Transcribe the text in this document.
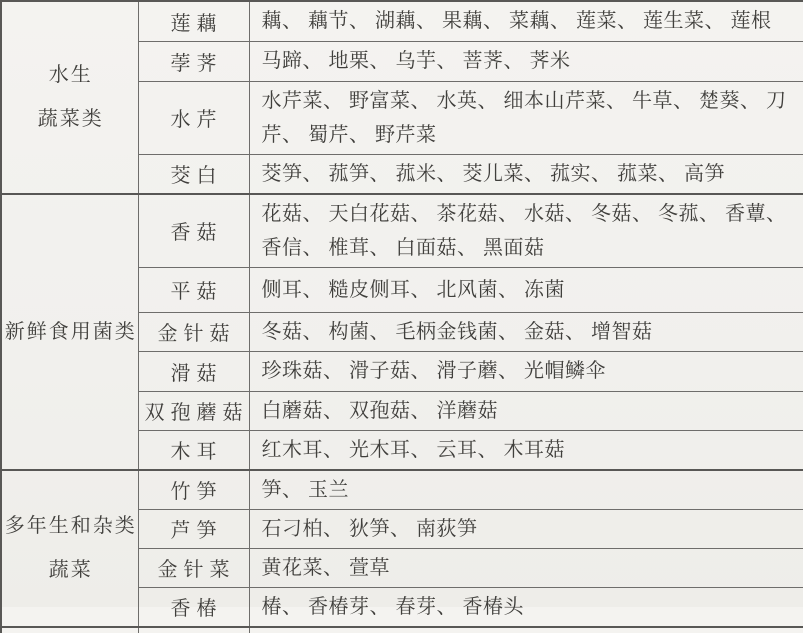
水生
蔬菜类	莲藕	藕、 藕节、 湖藕、 果藕、 菜藕、 莲菜、 莲生菜、 莲根
	荸荠	马蹄、 地栗、 乌芋、 菩荠、 荠米
	水芹	水芹菜、 野富菜、 水英、 细本山芹菜、 牛草、 楚葵、 刀芹、 蜀芹、 野芹菜
	茭白	茭笋、 菰笋、 菰米、 茭儿菜、 菰实、 菰菜、 高笋

新鲜食用菌类	香菇	花菇、 天白花菇、 茶花菇、 水菇、 冬菇、 冬菰、 香蕈、 香信、 椎茸、 白面菇、 黑面菇
	平菇	侧耳、 糙皮侧耳、 北风菌、 冻菌
	金针菇	冬菇、 构菌、 毛柄金钱菌、 金菇、 增智菇
	滑菇	珍珠菇、 滑子菇、 滑子蘑、 光帽鳞伞
	双孢蘑菇	白蘑菇、 双孢菇、 洋蘑菇
	木耳	红木耳、 光木耳、 云耳、 木耳菇

多年生和杂类
蔬菜	竹笋	笋、 玉兰
	芦笋	石刁柏、 狄笋、 南荻笋
	金针菜	黄花菜、 萱草
	香椿	椿、 香椿芽、 春芽、 香椿头
